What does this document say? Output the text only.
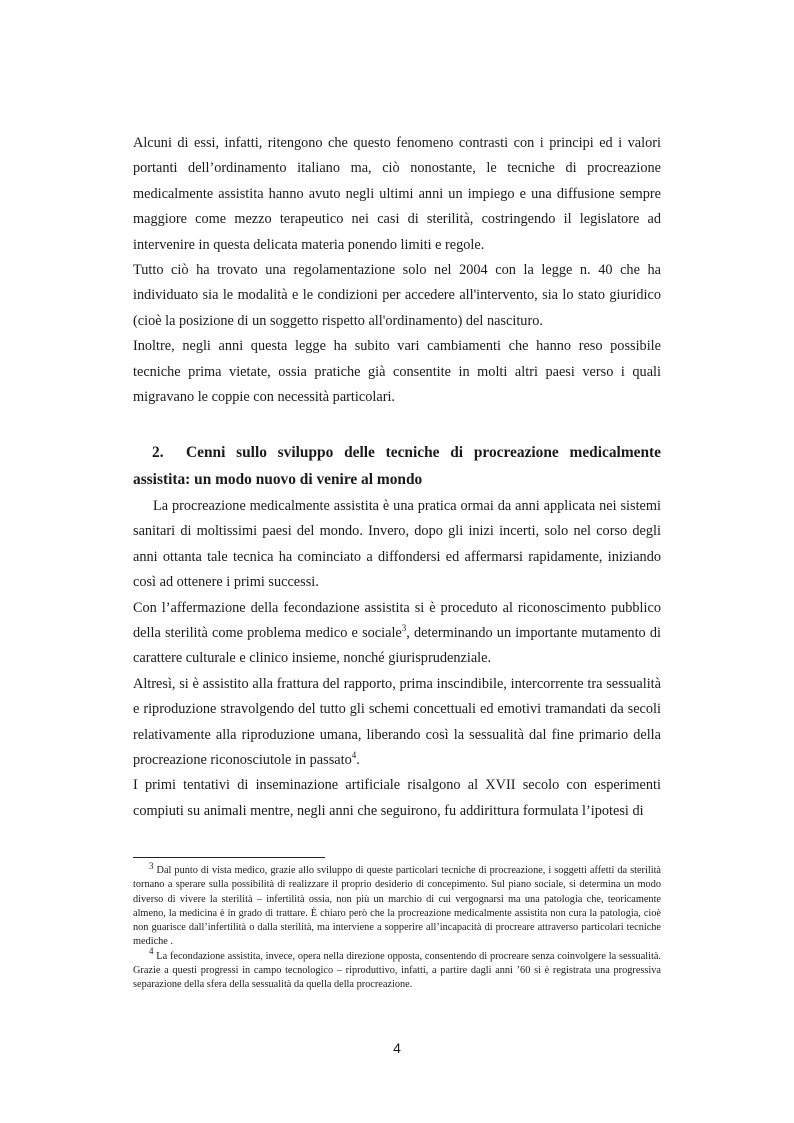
Alcuni di essi, infatti, ritengono che questo fenomeno contrasti con i principi ed i valori portanti dell’ordinamento italiano ma, ciò nonostante, le tecniche di procreazione medicalmente assistita hanno avuto negli ultimi anni un impiego e una diffusione sempre maggiore come mezzo terapeutico nei casi di sterilità, costringendo il legislatore ad intervenire in questa delicata materia ponendo limiti e regole.

Tutto ciò ha trovato una regolamentazione solo nel 2004 con la legge n. 40 che ha individuato sia le modalità e le condizioni per accedere all'intervento, sia lo stato giuridico (cioè la posizione di un soggetto rispetto all'ordinamento) del nascituro.

Inoltre, negli anni questa legge ha subito vari cambiamenti che hanno reso possibile tecniche prima vietate, ossia pratiche già consentite in molti altri paesi verso i quali migravano le coppie con necessità particolari.

2. Cenni sullo sviluppo delle tecniche di procreazione medicalmente assistita: un modo nuovo di venire al mondo

La procreazione medicalmente assistita è una pratica ormai da anni applicata nei sistemi sanitari di moltissimi paesi del mondo. Invero, dopo gli inizi incerti, solo nel corso degli anni ottanta tale tecnica ha cominciato a diffondersi ed affermarsi rapidamente, iniziando così ad ottenere i primi successi.

Con l’affermazione della fecondazione assistita si è proceduto al riconoscimento pubblico della sterilità come problema medico e sociale$^3$, determinando un importante mutamento di carattere culturale e clinico insieme, nonché giurisprudenziale.

Altresì, si è assistito alla frattura del rapporto, prima inscindibile, intercorrente tra sessualità e riproduzione stravolgendo del tutto gli schemi concettuali ed emotivi tramandati da secoli relativamente alla riproduzione umana, liberando così la sessualità dal fine primario della procreazione riconosciutole in passato$^4$.

I primi tentativi di inseminazione artificiale risalgono al XVII secolo con esperimenti compiuti su animali mentre, negli anni che seguirono, fu addirittura formulata l’ipotesi di

$^3$ Dal punto di vista medico, grazie allo sviluppo di queste particolari tecniche di procreazione, i soggetti affetti da sterilità tornano a sperare sulla possibilità di realizzare il proprio desiderio di concepimento. Sul piano sociale, si determina un modo diverso di vivere la sterilità – infertilità ossia, non più un marchio di cui vergognarsi ma una patologia che, teoricamente almeno, la medicina è in grado di trattare. È chiaro però che la procreazione medicalmente assistita non cura la patologia, cioè non guarisce dall’infertilità o dalla sterilità, ma interviene a sopperire all’incapacità di procreare attraverso particolari tecniche mediche .

$^4$ La fecondazione assistita, invece, opera nella direzione opposta, consentendo di procreare senza coinvolgere la sessualità. Grazie a questi progressi in campo tecnologico – riproduttivo, infatti, a partire dagli anni ’60 si è registrata una progressiva separazione della sfera della sessualità da quella della procreazione.

4
